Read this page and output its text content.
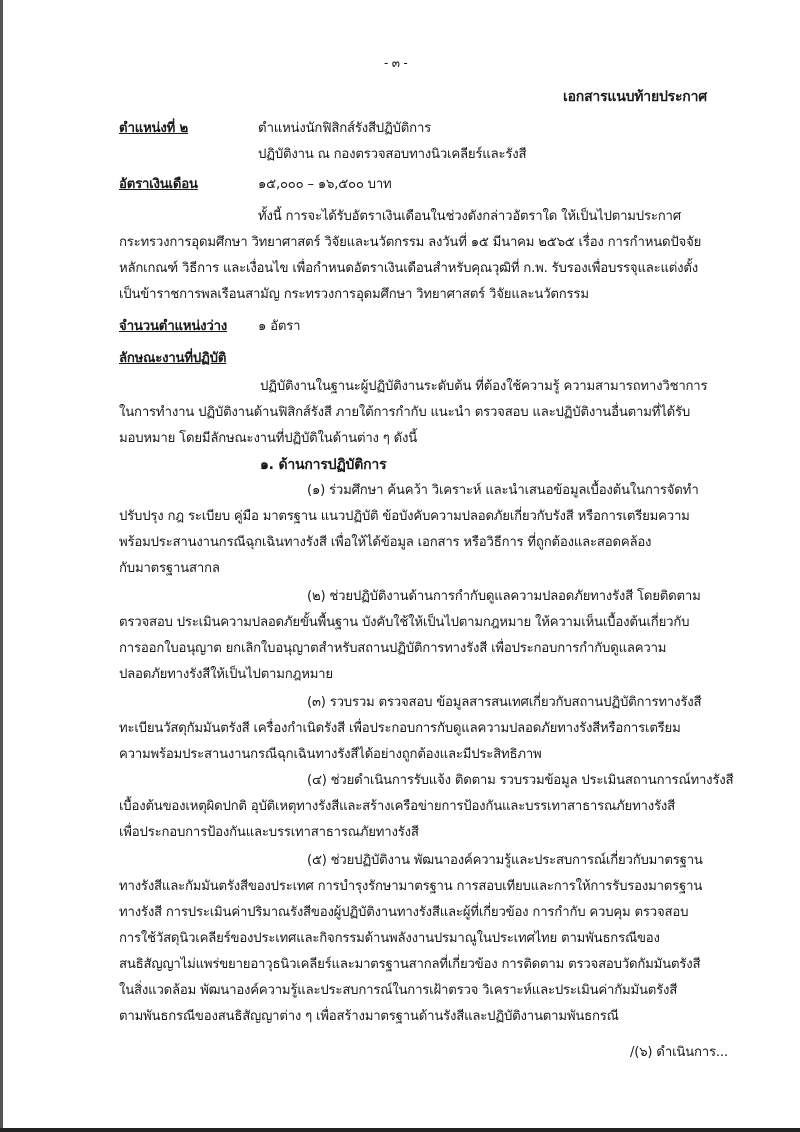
- ๓ -
เอกสารแนบท้ายประกาศ
ตำแหน่งที่ ๒	ตำแหน่งนักฟิสิกส์รังสีปฏิบัติการ
ปฏิบัติงาน ณ กองตรวจสอบทางนิวเคลียร์และรังสี
อัตราเงินเดือน	๑๕,๐๐๐ – ๑๖,๕๐๐ บาท
ทั้งนี้ การจะได้รับอัตราเงินเดือนในช่วงดังกล่าวอัตราใด ให้เป็นไปตามประกาศ
กระทรวงการอุดมศึกษา วิทยาศาสตร์ วิจัยและนวัตกรรม ลงวันที่ ๑๕ มีนาคม ๒๕๖๕ เรื่อง การกำหนดปัจจัย
หลักเกณฑ์ วิธีการ และเงื่อนไข เพื่อกำหนดอัตราเงินเดือนสำหรับคุณวุฒิที่ ก.พ. รับรองเพื่อบรรจุและแต่งตั้ง
เป็นข้าราชการพลเรือนสามัญ กระทรวงการอุดมศึกษา วิทยาศาสตร์ วิจัยและนวัตกรรม
จำนวนตำแหน่งว่าง ๑ อัตรา
ลักษณะงานที่ปฏิบัติ
ปฏิบัติงานในฐานะผู้ปฏิบัติงานระดับต้น ที่ต้องใช้ความรู้ ความสามารถทางวิชาการ
ในการทำงาน ปฏิบัติงานด้านฟิสิกส์รังสี ภายใต้การกำกับ แนะนำ ตรวจสอบ และปฏิบัติงานอื่นตามที่ได้รับ
มอบหมาย โดยมีลักษณะงานที่ปฏิบัติในด้านต่าง ๆ ดังนี้
๑. ด้านการปฏิบัติการ
(๑) ร่วมศึกษา ค้นคว้า วิเคราะห์ และนำเสนอข้อมูลเบื้องต้นในการจัดทำ
ปรับปรุง กฎ ระเบียบ คู่มือ มาตรฐาน แนวปฏิบัติ ข้อบังคับความปลอดภัยเกี่ยวกับรังสี หรือการเตรียมความ
พร้อมประสานงานกรณีฉุกเฉินทางรังสี เพื่อให้ได้ข้อมูล เอกสาร หรือวิธีการ ที่ถูกต้องและสอดคล้อง
กับมาตรฐานสากล
(๒) ช่วยปฏิบัติงานด้านการกำกับดูแลความปลอดภัยทางรังสี โดยติดตาม
ตรวจสอบ ประเมินความปลอดภัยขั้นพื้นฐาน บังคับใช้ให้เป็นไปตามกฎหมาย ให้ความเห็นเบื้องต้นเกี่ยวกับ
การออกใบอนุญาต ยกเลิกใบอนุญาตสำหรับสถานปฏิบัติการทางรังสี เพื่อประกอบการกำกับดูแลความ
ปลอดภัยทางรังสีให้เป็นไปตามกฎหมาย
(๓) รวบรวม ตรวจสอบ ข้อมูลสารสนเทศเกี่ยวกับสถานปฏิบัติการทางรังสี
ทะเบียนวัสดุกัมมันตรังสี เครื่องกำเนิดรังสี เพื่อประกอบการกับดูแลความปลอดภัยทางรังสีหรือการเตรียม
ความพร้อมประสานงานกรณีฉุกเฉินทางรังสีได้อย่างถูกต้องและมีประสิทธิภาพ
(๔) ช่วยดำเนินการรับแจ้ง ติดตาม รวบรวมข้อมูล ประเมินสถานการณ์ทางรังสี
เบื้องต้นของเหตุผิดปกติ อุบัติเหตุทางรังสีและสร้างเครือข่ายการป้องกันและบรรเทาสาธารณภัยทางรังสี
เพื่อประกอบการป้องกันและบรรเทาสาธารณภัยทางรังสี
(๕) ช่วยปฏิบัติงาน พัฒนาองค์ความรู้และประสบการณ์เกี่ยวกับมาตรฐาน
ทางรังสีและกัมมันตรังสีของประเทศ การบำรุงรักษามาตรฐาน การสอบเทียบและการให้การรับรองมาตรฐาน
ทางรังสี การประเมินค่าปริมาณรังสีของผู้ปฏิบัติงานทางรังสีและผู้ที่เกี่ยวข้อง การกำกับ ควบคุม ตรวจสอบ
การใช้วัสดุนิวเคลียร์ของประเทศและกิจกรรมด้านพลังงานปรมาณูในประเทศไทย ตามพันธกรณีของ
สนธิสัญญาไม่แพร่ขยายอาวุธนิวเคลียร์และมาตรฐานสากลที่เกี่ยวข้อง การติดตาม ตรวจสอบวัดกัมมันตรังสี
ในสิ่งแวดล้อม พัฒนาองค์ความรู้และประสบการณ์ในการเฝ้าตรวจ วิเคราะห์และประเมินค่ากัมมันตรังสี
ตามพันธกรณีของสนธิสัญญาต่าง ๆ เพื่อสร้างมาตรฐานด้านรังสีและปฏิบัติงานตามพันธกรณี
/(๖) ดำเนินการ...
